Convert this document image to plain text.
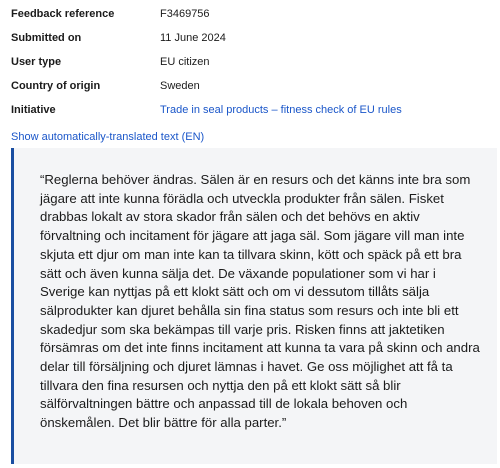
Feedback reference	F3469756
Submitted on	11 June 2024
User type	EU citizen
Country of origin	Sweden
Initiative	Trade in seal products – fitness check of EU rules
Show automatically-translated text (EN)

“Reglerna behöver ändras. Sälen är en resurs och det känns inte bra som jägare att inte kunna förädla och utveckla produkter från sälen. Fisket drabbas lokalt av stora skador från sälen och det behövs en aktiv förvaltning och incitament för jägare att jaga säl. Som jägare vill man inte skjuta ett djur om man inte kan ta tillvara skinn, kött och späck på ett bra sätt och även kunna sälja det. De växande populationer som vi har i Sverige kan nyttjas på ett klokt sätt och om vi dessutom tillåts sälja sälprodukter kan djuret behålla sin fina status som resurs och inte bli ett skadedjur som ska bekämpas till varje pris. Risken finns att jaktetiken försämras om det inte finns incitament att kunna ta vara på skinn och andra delar till försäljning och djuret lämnas i havet. Ge oss möjlighet att få ta tillvara den fina resursen och nyttja den på ett klokt sätt så blir sälförvaltningen bättre och anpassad till de lokala behoven och önskemålen. Det blir bättre för alla parter.”
